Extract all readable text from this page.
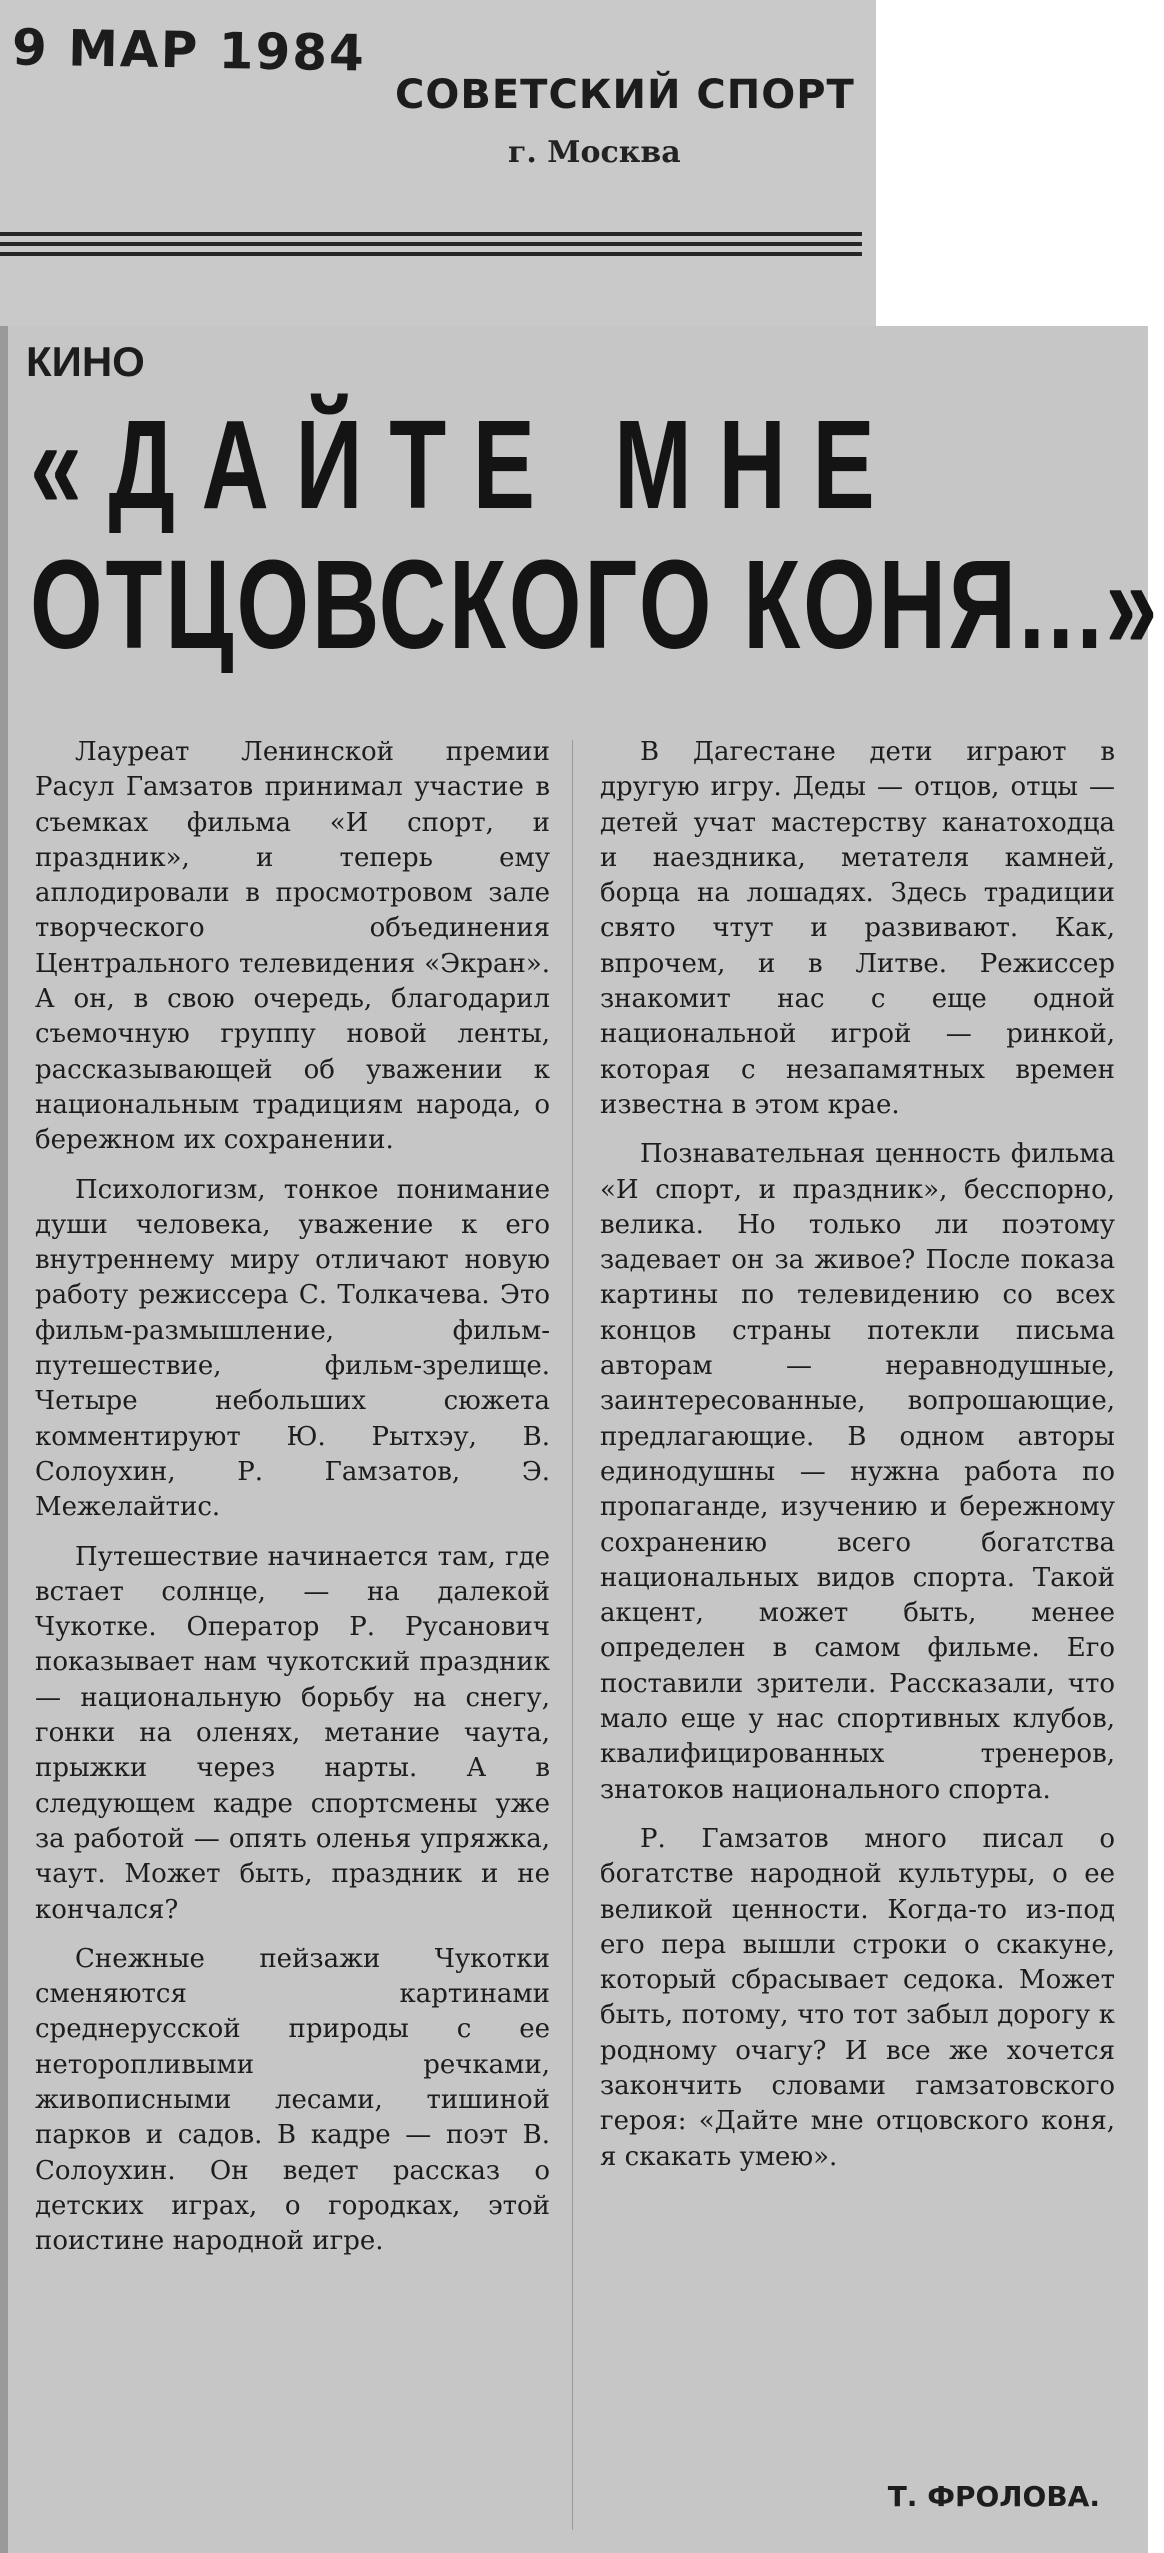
9 МАР 1984
СОВЕТСКИЙ СПОРТ
г. Москва
КИНО
«ДАЙТЕ МНЕ
ОТЦОВСКОГО КОНЯ...»

Лауреат Ленинской премии Расул Гамзатов принимал участие в съемках фильма «И спорт, и праздник», и теперь ему аплодировали в просмотровом зале творческого объединения Центрального телевидения «Экран». А он, в свою очередь, благодарил съемочную группу новой ленты, рассказывающей об уважении к национальным традициям народа, о бережном их сохранении.

Психологизм, тонкое понимание души человека, уважение к его внутреннему миру отличают новую работу режиссера С. Толкачева. Это фильм-размышление, фильм-путешествие, фильм-зрелище. Четыре небольших сюжета комментируют Ю. Рытхэу, В. Солоухин, Р. Гамзатов, Э. Межелайтис.

Путешествие начинается там, где встает солнце, — на далекой Чукотке. Оператор Р. Русанович показывает нам чукотский праздник — национальную борьбу на снегу, гонки на оленях, метание чаута, прыжки через нарты. А в следующем кадре спортсмены уже за работой — опять оленья упряжка, чаут. Может быть, праздник и не кончался?

Снежные пейзажи Чукотки сменяются картинами среднерусской природы с ее неторопливыми речками, живописными лесами, тишиной парков и садов. В кадре — поэт В. Солоухин. Он ведет рассказ о детских играх, о городках, этой поистине народной игре.

В Дагестане дети играют в другую игру. Деды — отцов, отцы — детей учат мастерству канатоходца и наездника, метателя камней, борца на лошадях. Здесь традиции свято чтут и развивают. Как, впрочем, и в Литве. Режиссер знакомит нас с еще одной национальной игрой — ринкой, которая с незапамятных времен известна в этом крае.

Познавательная ценность фильма «И спорт, и праздник», бесспорно, велика. Но только ли поэтому задевает он за живое? После показа картины по телевидению со всех концов страны потекли письма авторам — неравнодушные, заинтересованные, вопрошающие, предлагающие. В одном авторы единодушны — нужна работа по пропаганде, изучению и бережному сохранению всего богатства национальных видов спорта. Такой акцент, может быть, менее определен в самом фильме. Его поставили зрители. Рассказали, что мало еще у нас спортивных клубов, квалифицированных тренеров, знатоков национального спорта.

Р. Гамзатов много писал о богатстве народной культуры, о ее великой ценности. Когда-то из-под его пера вышли строки о скакуне, который сбрасывает седока. Может быть, потому, что тот забыл дорогу к родному очагу? И все же хочется закончить словами гамзатовского героя: «Дайте мне отцовского коня, я скакать умею».

Т. ФРОЛОВА.
